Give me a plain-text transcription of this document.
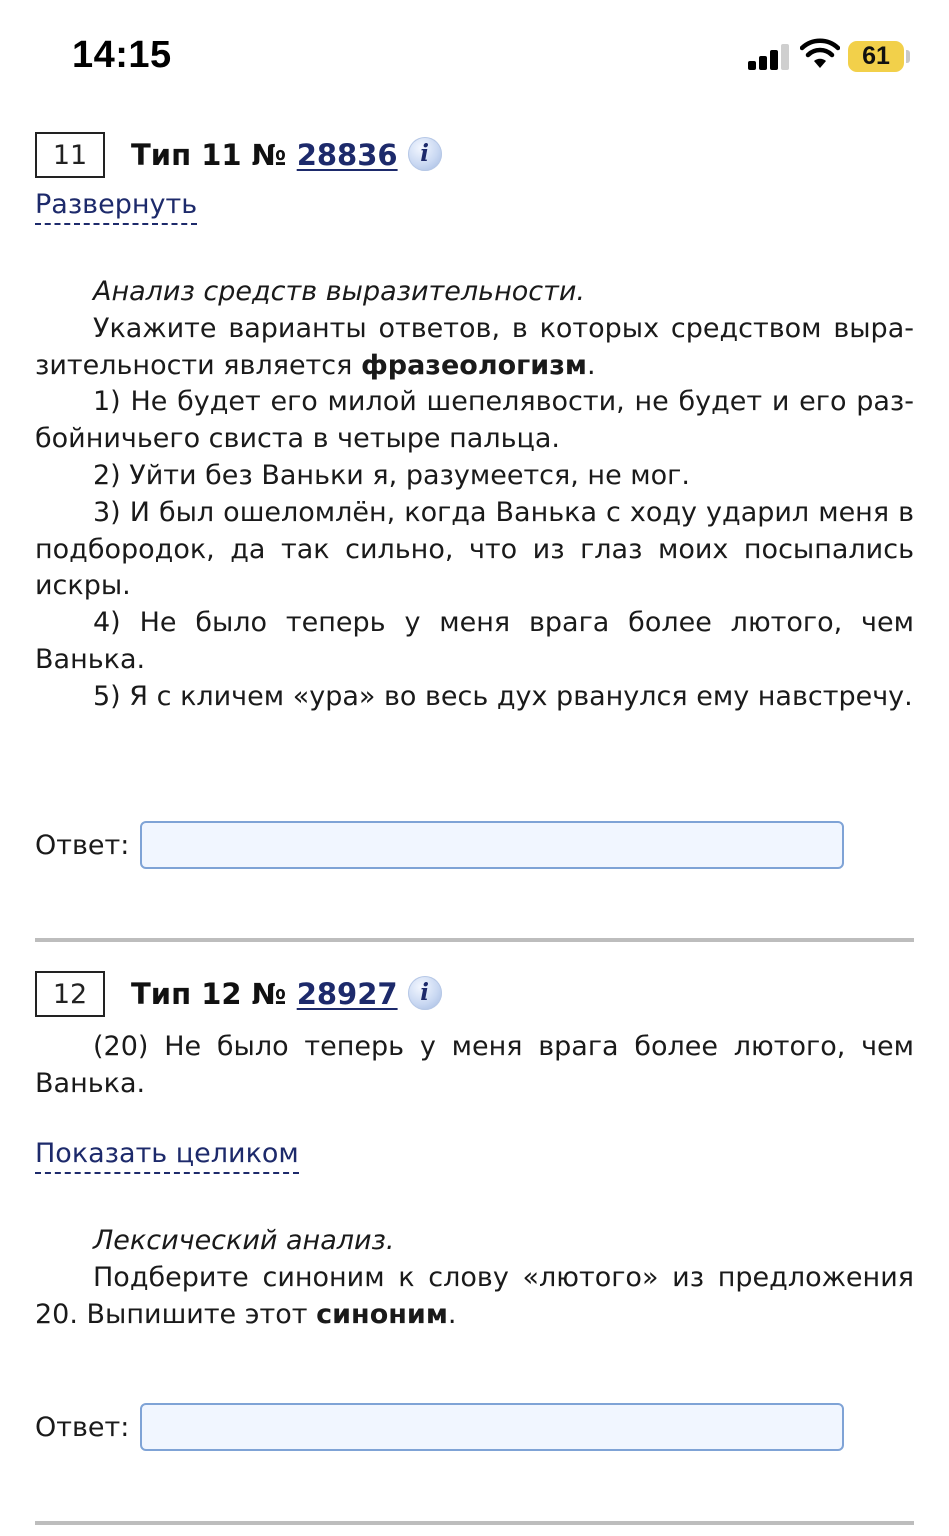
14:15	61
11	Тип 11 № 28836 i
Развернуть

Анализ средств выразительности.

Укажите варианты ответов, в которых средством выразительности является фразеологизм.

1) Не будет его милой шепелявости, не будет и его разбойничьего свиста в четыре пальца.

2) Уйти без Ваньки я, разумеется, не мог.

3) И был ошеломлён, когда Ванька с ходу ударил меня в подбородок, да так сильно, что из глаз моих посыпались искры.

4) Не было теперь у меня врага более лютого, чем Ванька.

5) Я с кличем «ура» во весь дух рванулся ему навстречу.

Ответ:
12	Тип 12 № 28927 i

(20) Не было теперь у меня врага более лютого, чем Ванька.

Показать целиком

Лексический анализ.

Подберите синоним к слову «лютого» из предложения 20. Выпишите этот синоним.

Ответ:
